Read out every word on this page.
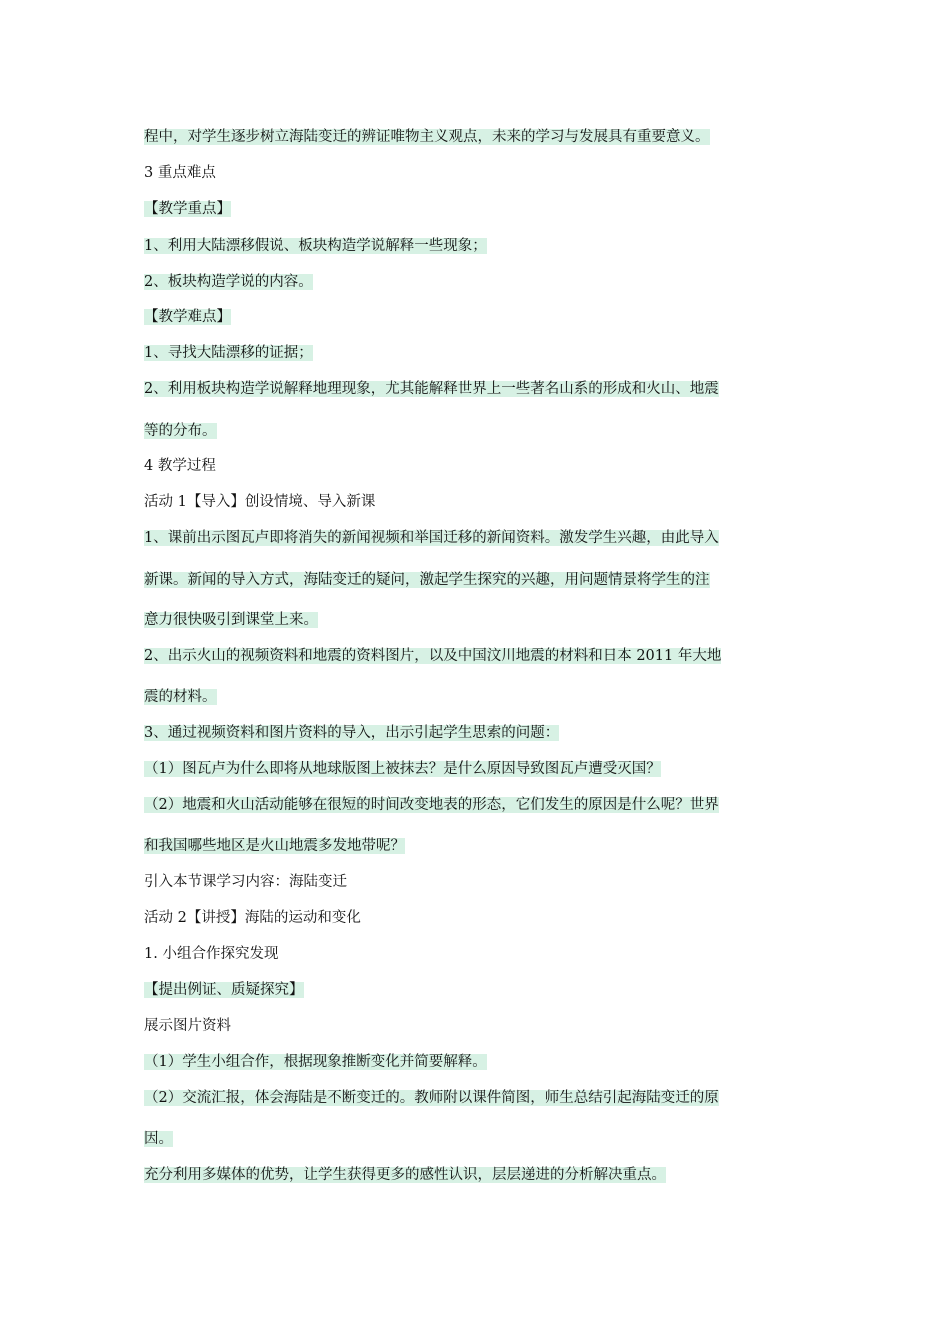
程中，对学生逐步树立海陆变迁的辨证唯物主义观点，未来的学习与发展具有重要意义。
3 重点难点
【教学重点】
1、利用大陆漂移假说、板块构造学说解释一些现象；
2、板块构造学说的内容。
【教学难点】
1、寻找大陆漂移的证据；
2、利用板块构造学说解释地理现象，尤其能解释世界上一些著名山系的形成和火山、地震
等的分布。
4 教学过程
活动 1【导入】创设情境、导入新课
1、课前出示图瓦卢即将消失的新闻视频和举国迁移的新闻资料。激发学生兴趣，由此导入
新课。新闻的导入方式，海陆变迁的疑问，激起学生探究的兴趣，用问题情景将学生的注
意力很快吸引到课堂上来。
2、出示火山的视频资料和地震的资料图片，以及中国汶川地震的材料和日本 2011 年大地
震的材料。
3、通过视频资料和图片资料的导入，出示引起学生思索的问题：
（1）图瓦卢为什么即将从地球版图上被抹去？是什么原因导致图瓦卢遭受灭国？
（2）地震和火山活动能够在很短的时间改变地表的形态，它们发生的原因是什么呢？世界
和我国哪些地区是火山地震多发地带呢？
引入本节课学习内容：海陆变迁
活动 2【讲授】海陆的运动和变化
1. 小组合作探究发现
【提出例证、质疑探究】
展示图片资料
（1）学生小组合作，根据现象推断变化并简要解释。
（2）交流汇报，体会海陆是不断变迁的。教师附以课件简图，师生总结引起海陆变迁的原
因。
充分利用多媒体的优势，让学生获得更多的感性认识，层层递进的分析解决重点。
